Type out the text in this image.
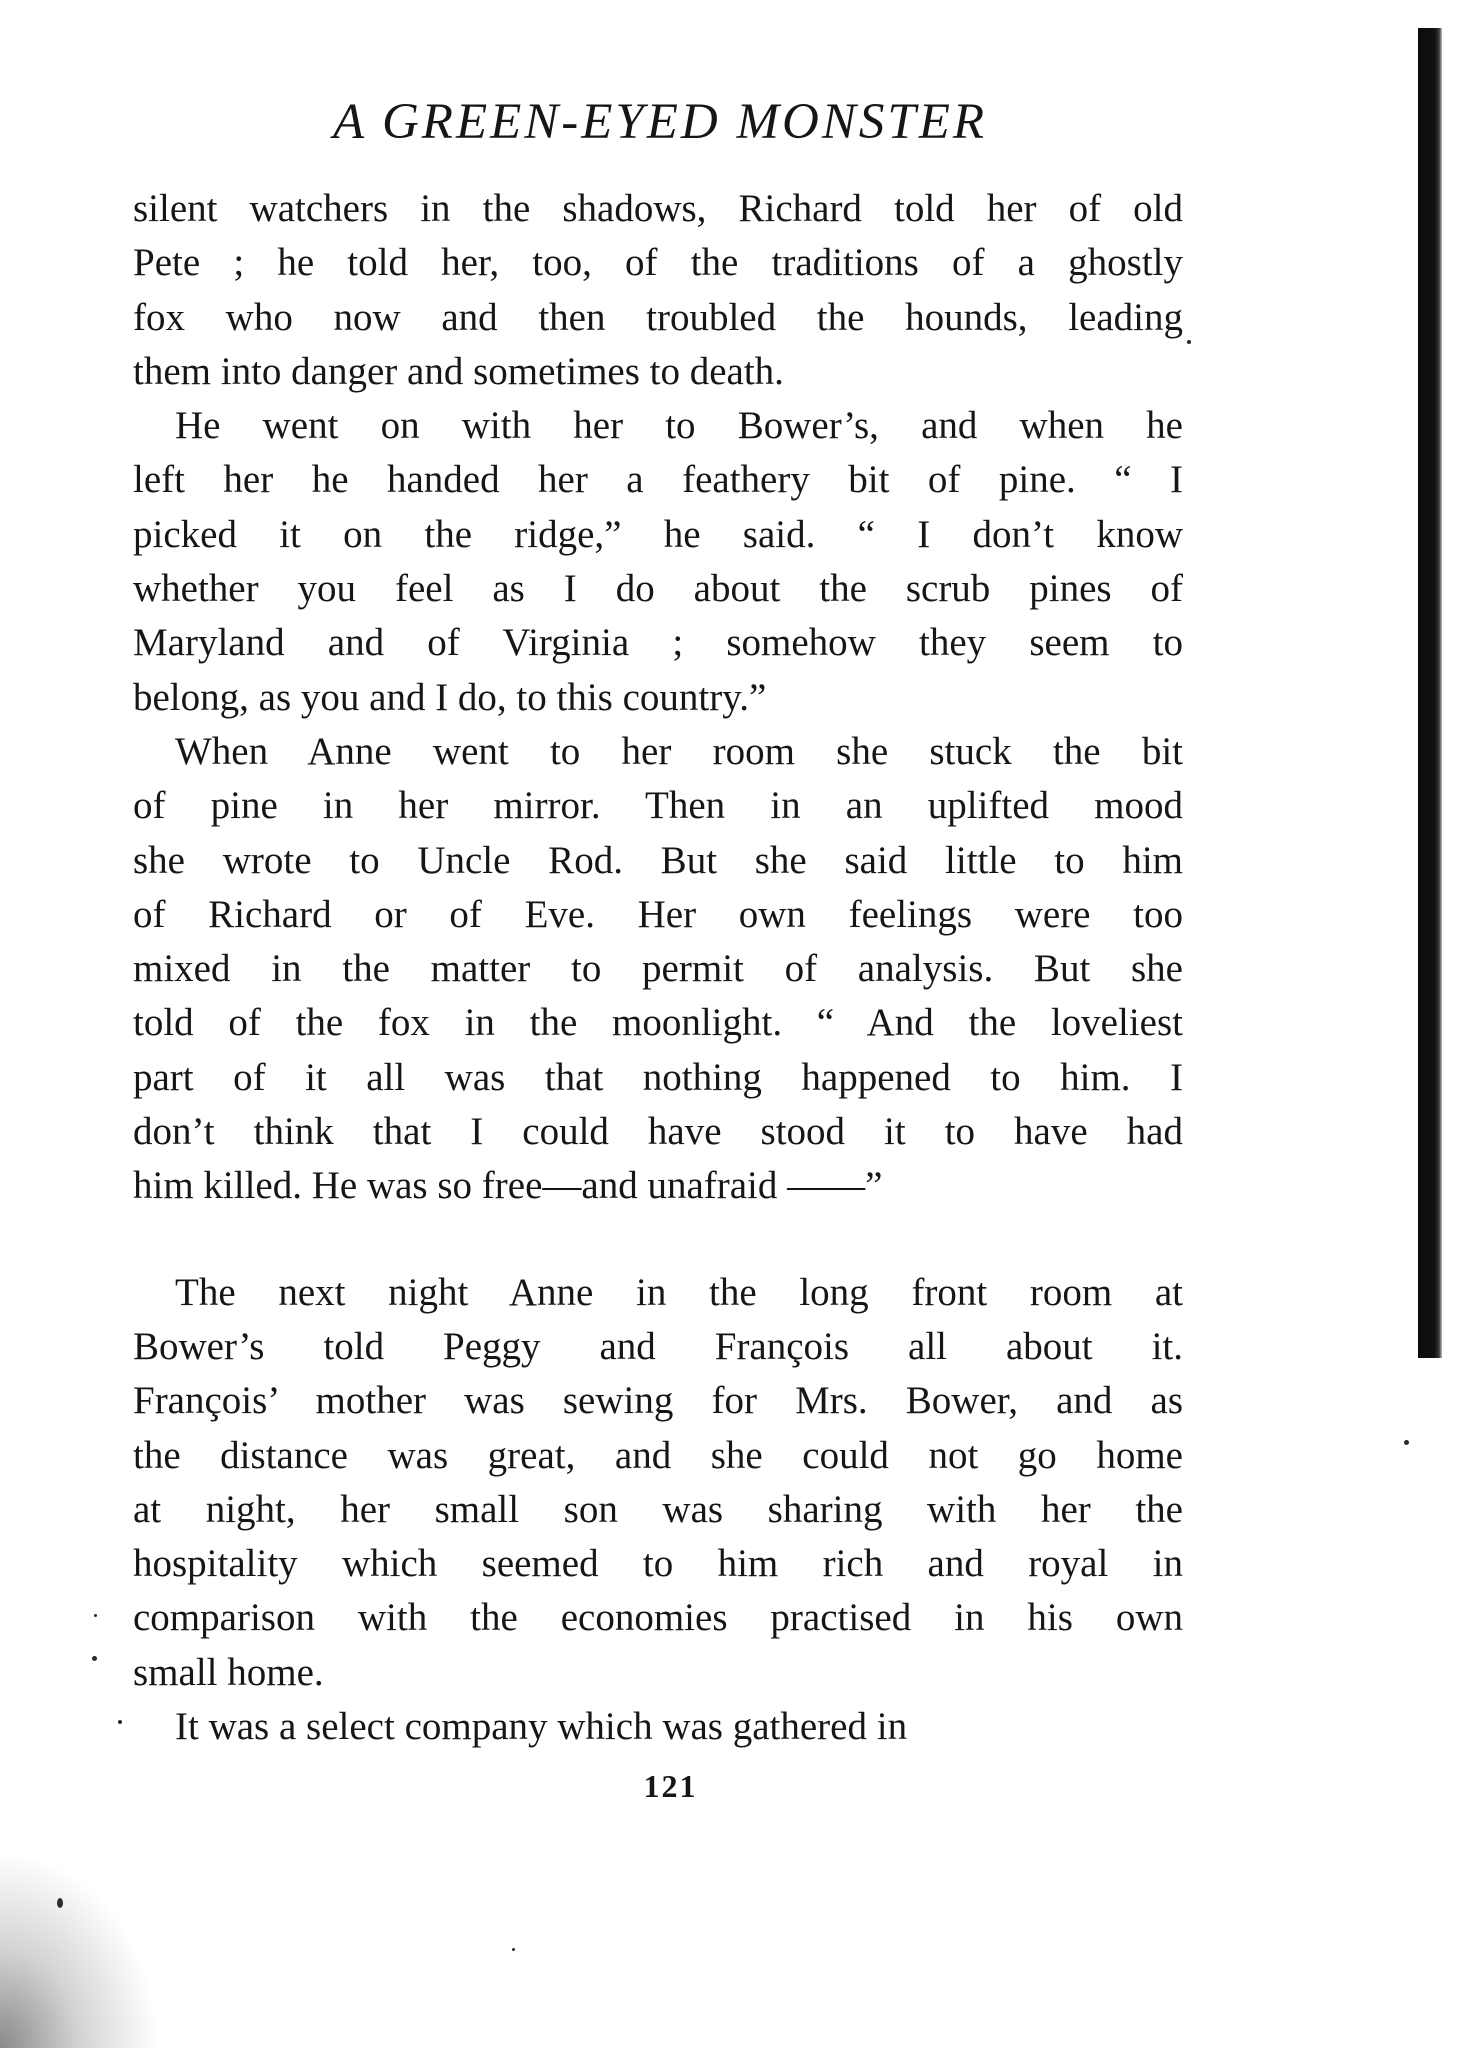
A GREEN-EYED MONSTER
silent watchers in the shadows, Richard told her of old
Pete ; he told her, too, of the traditions of a ghostly
fox who now and then troubled the hounds, leading
them into danger and sometimes to death.
He went on with her to Bower’s, and when he
left her he handed her a feathery bit of pine. “ I
picked it on the ridge,” he said. “ I don’t know
whether you feel as I do about the scrub pines of
Maryland and of Virginia ; somehow they seem to
belong, as you and I do, to this country.”
When Anne went to her room she stuck the bit
of pine in her mirror. Then in an uplifted mood
she wrote to Uncle Rod. But she said little to him
of Richard or of Eve. Her own feelings were too
mixed in the matter to permit of analysis. But she
told of the fox in the moonlight. “ And the loveliest
part of it all was that nothing happened to him. I
don’t think that I could have stood it to have had
him killed. He was so free—and unafraid ——”
The next night Anne in the long front room at
Bower’s told Peggy and François all about it.
François’ mother was sewing for Mrs. Bower, and as
the distance was great, and she could not go home
at night, her small son was sharing with her the
hospitality which seemed to him rich and royal in
comparison with the economies practised in his own
small home.
It was a select company which was gathered in
121
